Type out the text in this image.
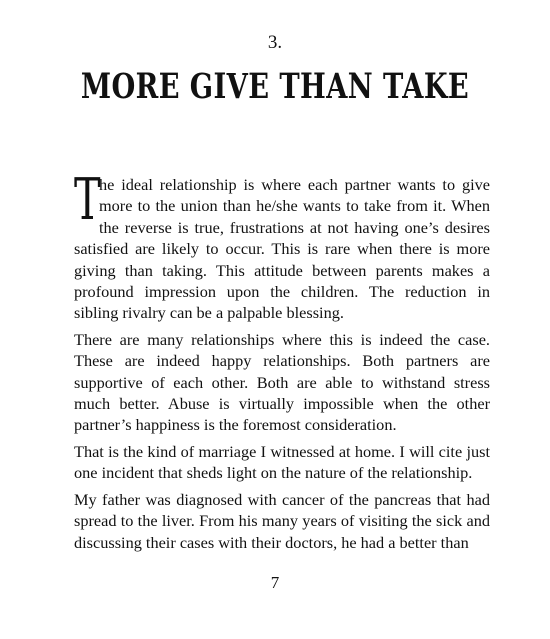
3.
MORE GIVE THAN TAKE

T
he ideal relationship is where each partner wants to give more to the union than he/she wants to take from it. When the reverse is true, frustrations at not having one’s desires satisfied are likely to occur. This is rare when there is more giving than taking. This attitude between parents makes a profound impression upon the children. The reduction in sibling rivalry can be a palpable blessing.

There are many relationships where this is indeed the case. These are indeed happy relationships. Both partners are supportive of each other. Both are able to withstand stress much better. Abuse is virtually impossible when the other partner’s happiness is the foremost consideration.

That is the kind of marriage I witnessed at home. I will cite just one incident that sheds light on the nature of the relationship.

My father was diagnosed with cancer of the pancreas that had spread to the liver. From his many years of visiting the sick and discussing their cases with their doctors, he had a better than

7
